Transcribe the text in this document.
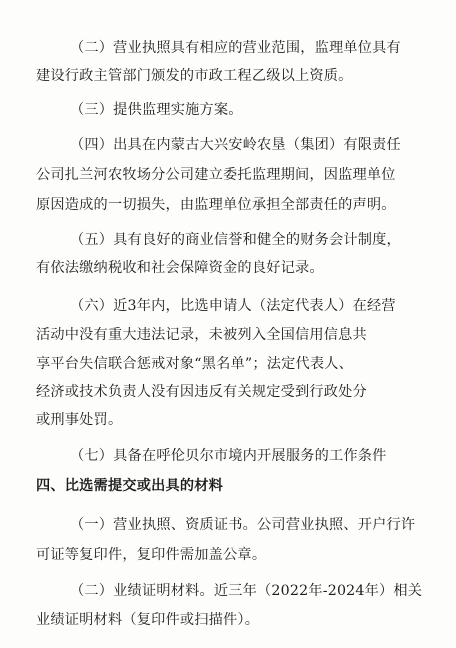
（二）营业执照具有相应的营业范围，监理单位具有
建设行政主管部门颁发的市政工程乙级以上资质。
（三）提供监理实施方案。
（四）出具在内蒙古大兴安岭农垦（集团）有限责任
公司扎兰河农牧场分公司建立委托监理期间，因监理单位
原因造成的一切损失，由监理单位承担全部责任的声明。
（五）具有良好的商业信誉和健全的财务会计制度，
有依法缴纳税收和社会保障资金的良好记录。
（六）近3年内，比选申请人（法定代表人）在经营
活动中没有重大违法记录，未被列入全国信用信息共
享平台失信联合惩戒对象“黑名单”；法定代表人、
经济或技术负责人没有因违反有关规定受到行政处分
或刑事处罚。
（七）具备在呼伦贝尔市境内开展服务的工作条件
四、比选需提交或出具的材料
（一）营业执照、资质证书。公司营业执照、开户行许
可证等复印件，复印件需加盖公章。
（二）业绩证明材料。近三年（2022年-2024年）相关
业绩证明材料（复印件或扫描件）。
